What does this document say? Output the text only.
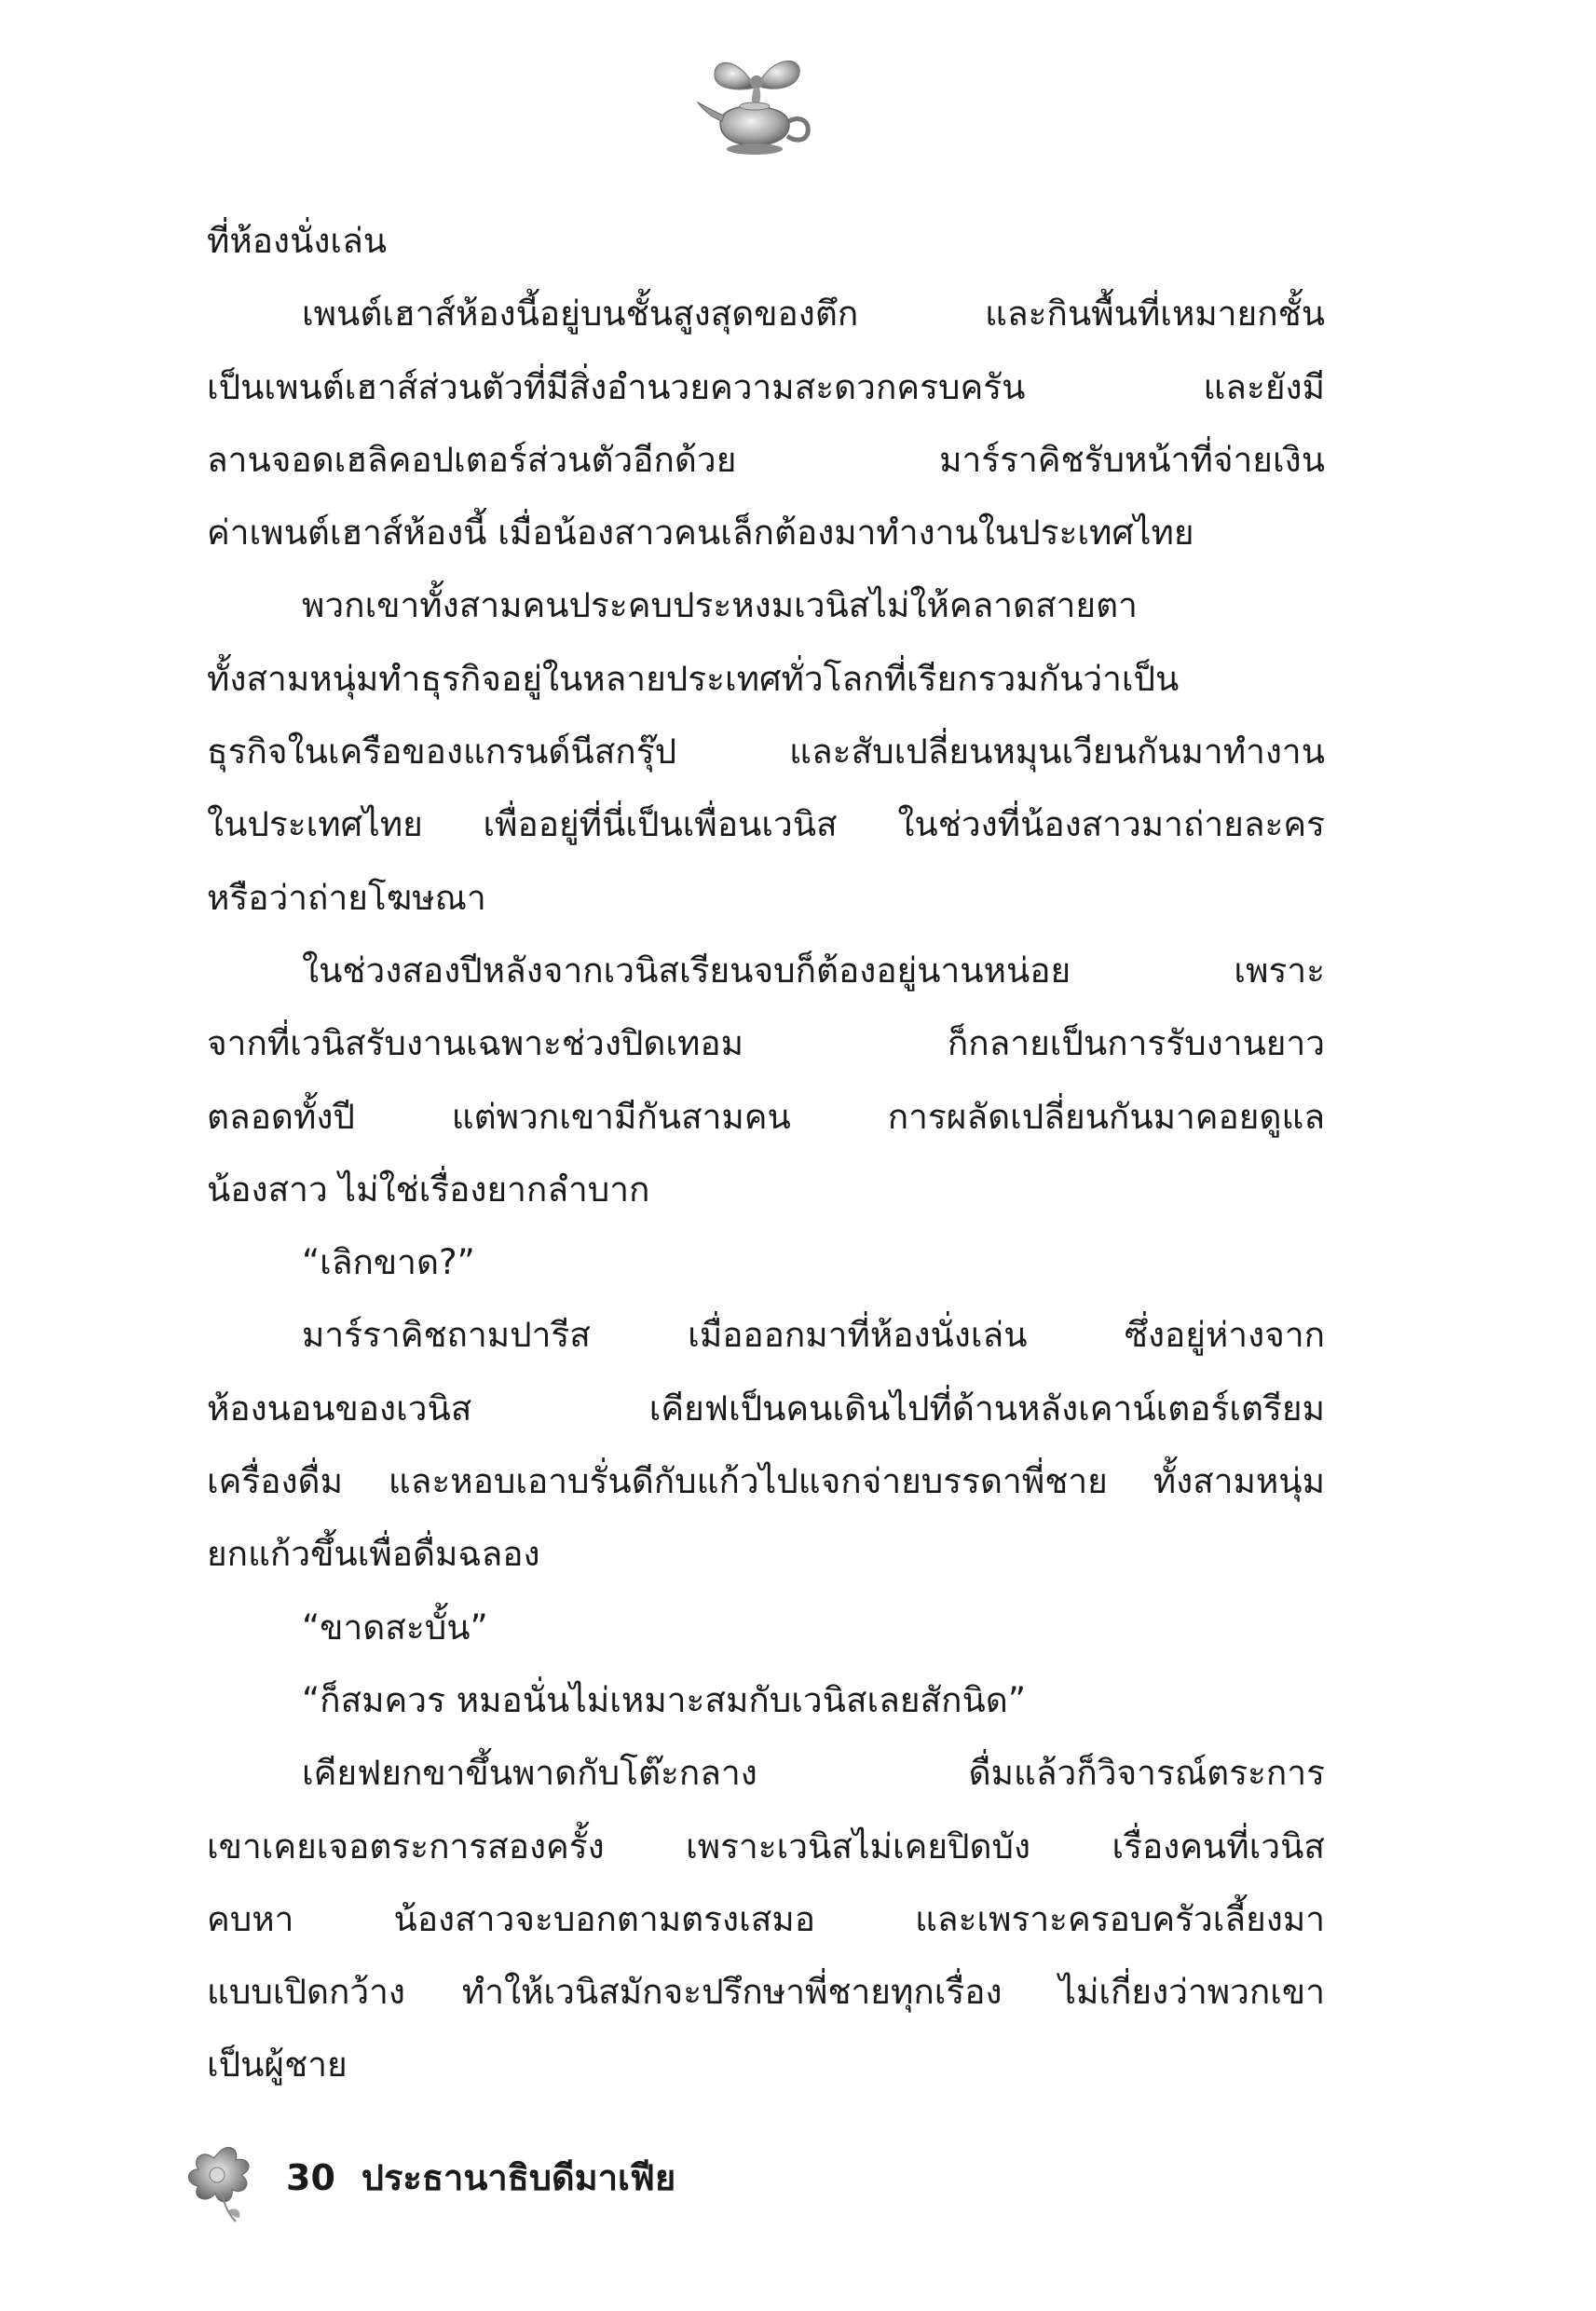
ที่ห้องนั่งเล่น
เพนต์เฮาส์ห้องนี้อยู่บนชั้นสูงสุดของตึก และกินพื้นที่เหมายกชั้น
เป็นเพนต์เฮาส์ส่วนตัวที่มีสิ่งอำนวยความสะดวกครบครัน และยังมี
ลานจอดเฮลิคอปเตอร์ส่วนตัวอีกด้วย มาร์ราคิชรับหน้าที่จ่ายเงิน
ค่าเพนต์เฮาส์ห้องนี้ เมื่อน้องสาวคนเล็กต้องมาทำงานในประเทศไทย
พวกเขาทั้งสามคนประคบประหงมเวนิสไม่ให้คลาดสายตา
ทั้งสามหนุ่มทำธุรกิจอยู่ในหลายประเทศทั่วโลกที่เรียกรวมกันว่าเป็น
ธุรกิจในเครือของแกรนด์นีสกรุ๊ป และสับเปลี่ยนหมุนเวียนกันมาทำงาน
ในประเทศไทย เพื่ออยู่ที่นี่เป็นเพื่อนเวนิส ในช่วงที่น้องสาวมาถ่ายละคร
หรือว่าถ่ายโฆษณา
ในช่วงสองปีหลังจากเวนิสเรียนจบก็ต้องอยู่นานหน่อย เพราะ
จากที่เวนิสรับงานเฉพาะช่วงปิดเทอม ก็กลายเป็นการรับงานยาว
ตลอดทั้งปี แต่พวกเขามีกันสามคน การผลัดเปลี่ยนกันมาคอยดูแล
น้องสาว ไม่ใช่เรื่องยากลำบาก
“เลิกขาด?”
มาร์ราคิชถามปารีส เมื่อออกมาที่ห้องนั่งเล่น ซึ่งอยู่ห่างจาก
ห้องนอนของเวนิส เคียฟเป็นคนเดินไปที่ด้านหลังเคาน์เตอร์เตรียม
เครื่องดื่ม และหอบเอาบรั่นดีกับแก้วไปแจกจ่ายบรรดาพี่ชาย ทั้งสามหนุ่ม
ยกแก้วขึ้นเพื่อดื่มฉลอง
“ขาดสะบั้น”
“ก็สมควร หมอนั่นไม่เหมาะสมกับเวนิสเลยสักนิด”
เคียฟยกขาขึ้นพาดกับโต๊ะกลาง ดื่มแล้วก็วิจารณ์ตระการ
เขาเคยเจอตระการสองครั้ง เพราะเวนิสไม่เคยปิดบัง เรื่องคนที่เวนิส
คบหา น้องสาวจะบอกตามตรงเสมอ และเพราะครอบครัวเลี้ยงมา
แบบเปิดกว้าง ทำให้เวนิสมักจะปรึกษาพี่ชายทุกเรื่อง ไม่เกี่ยงว่าพวกเขา
เป็นผู้ชาย
30 ประธานาธิบดีมาเฟีย
